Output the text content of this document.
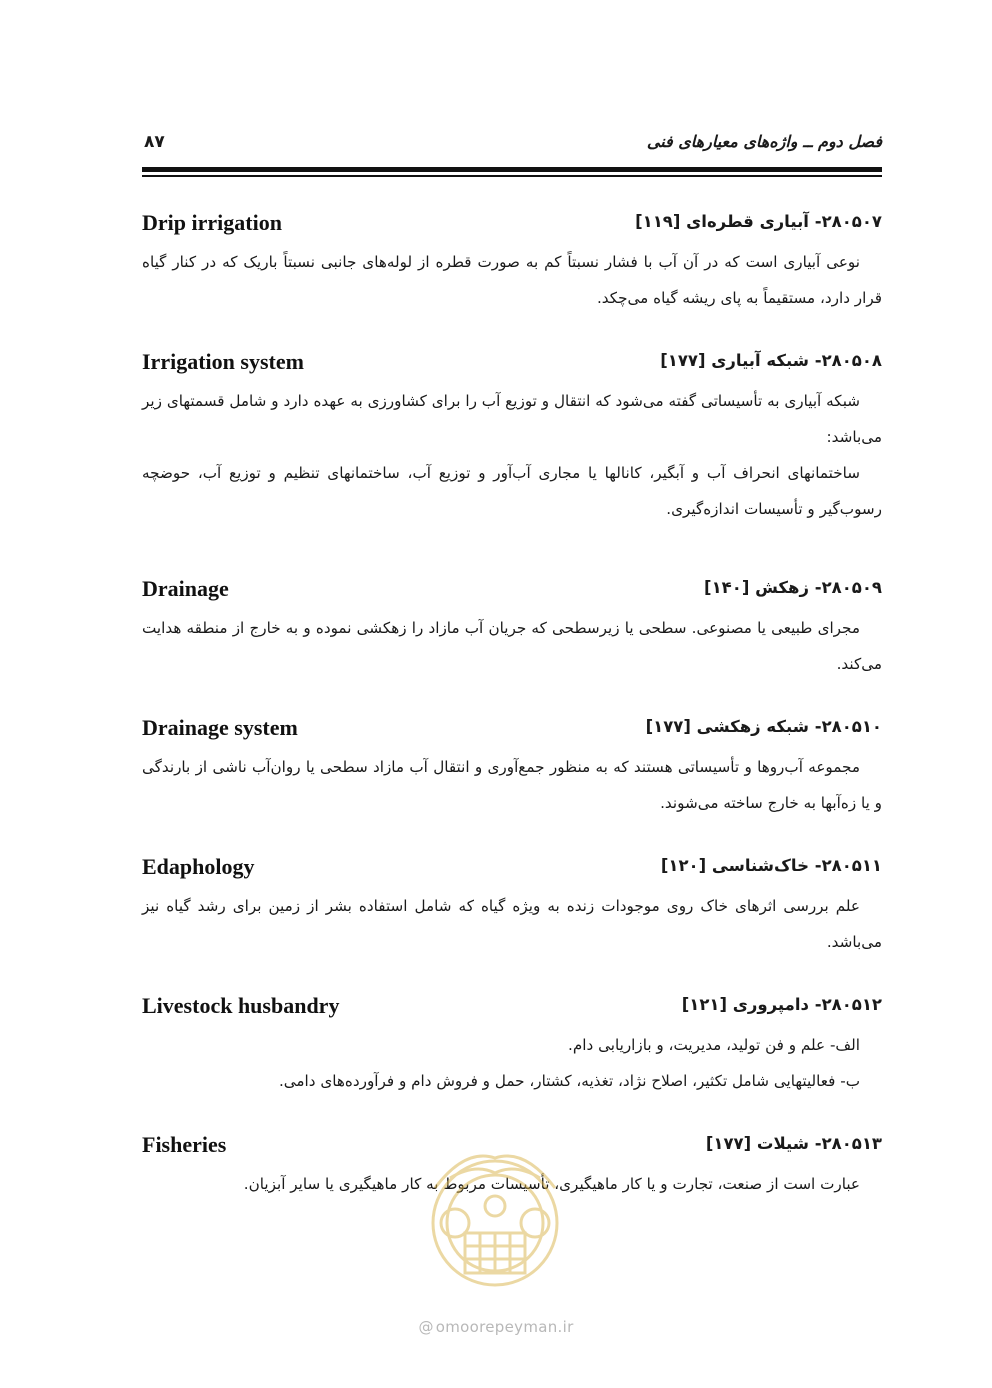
فصل دوم ــ واژه‌های معیارهای فنی
۸۷
۲۸۰۵۰۷- آبیاری قطره‌ای [۱۱۹]
Drip irrigation

نوعی آبیاری است که در آن آب با فشار نسبتاً کم به صورت قطره از لوله‌های جانبی نسبتاً باریک که در کنار گیاه قرار دارد، مستقیماً به پای ریشه گیاه می‌چکد.

۲۸۰۵۰۸- شبکه آبیاری [۱۷۷]
Irrigation system

شبکه آبیاری به تأسیساتی گفته می‌شود که انتقال و توزیع آب را برای کشاورزی به عهده دارد و شامل قسمتهای زیر می‌باشد:

ساختمانهای انحراف آب و آبگیر، کانالها یا مجاری آب‌آور و توزیع آب، ساختمانهای تنظیم و توزیع آب، حوضچه رسوب‌گیر و تأسیسات اندازه‌گیری.

۲۸۰۵۰۹- زهکش [۱۴۰]
Drainage

مجرای طبیعی یا مصنوعی. سطحی یا زیرسطحی که جریان آب مازاد را زهکشی نموده و به خارج از منطقه هدایت می‌کند.

۲۸۰۵۱۰- شبکه زهکشی [۱۷۷]
Drainage system

مجموعه آب‌روها و تأسیساتی هستند که به منظور جمع‌آوری و انتقال آب مازاد سطحی یا روان‌آب ناشی از بارندگی و یا زه‌آبها به خارج ساخته می‌شوند.

۲۸۰۵۱۱- خاک‌شناسی [۱۲۰]
Edaphology

علم بررسی اثرهای خاک روی موجودات زنده به ویژه گیاه که شامل استفاده بشر از زمین برای رشد گیاه نیز می‌باشد.

۲۸۰۵۱۲- دامپروری [۱۲۱]
Livestock husbandry

الف- علم و فن تولید، مدیریت، و بازاریابی دام.

ب- فعالیتهایی شامل تکثیر، اصلاح نژاد، تغذیه، کشتار، حمل و فروش دام و فرآورده‌های دامی.

۲۸۰۵۱۳- شیلات [۱۷۷]
Fisheries

عبارت است از صنعت، تجارت و یا کار ماهیگیری، تأسیسات مربوط به کار ماهیگیری یا سایر آبزیان.

@ omoorepeyman.ir
